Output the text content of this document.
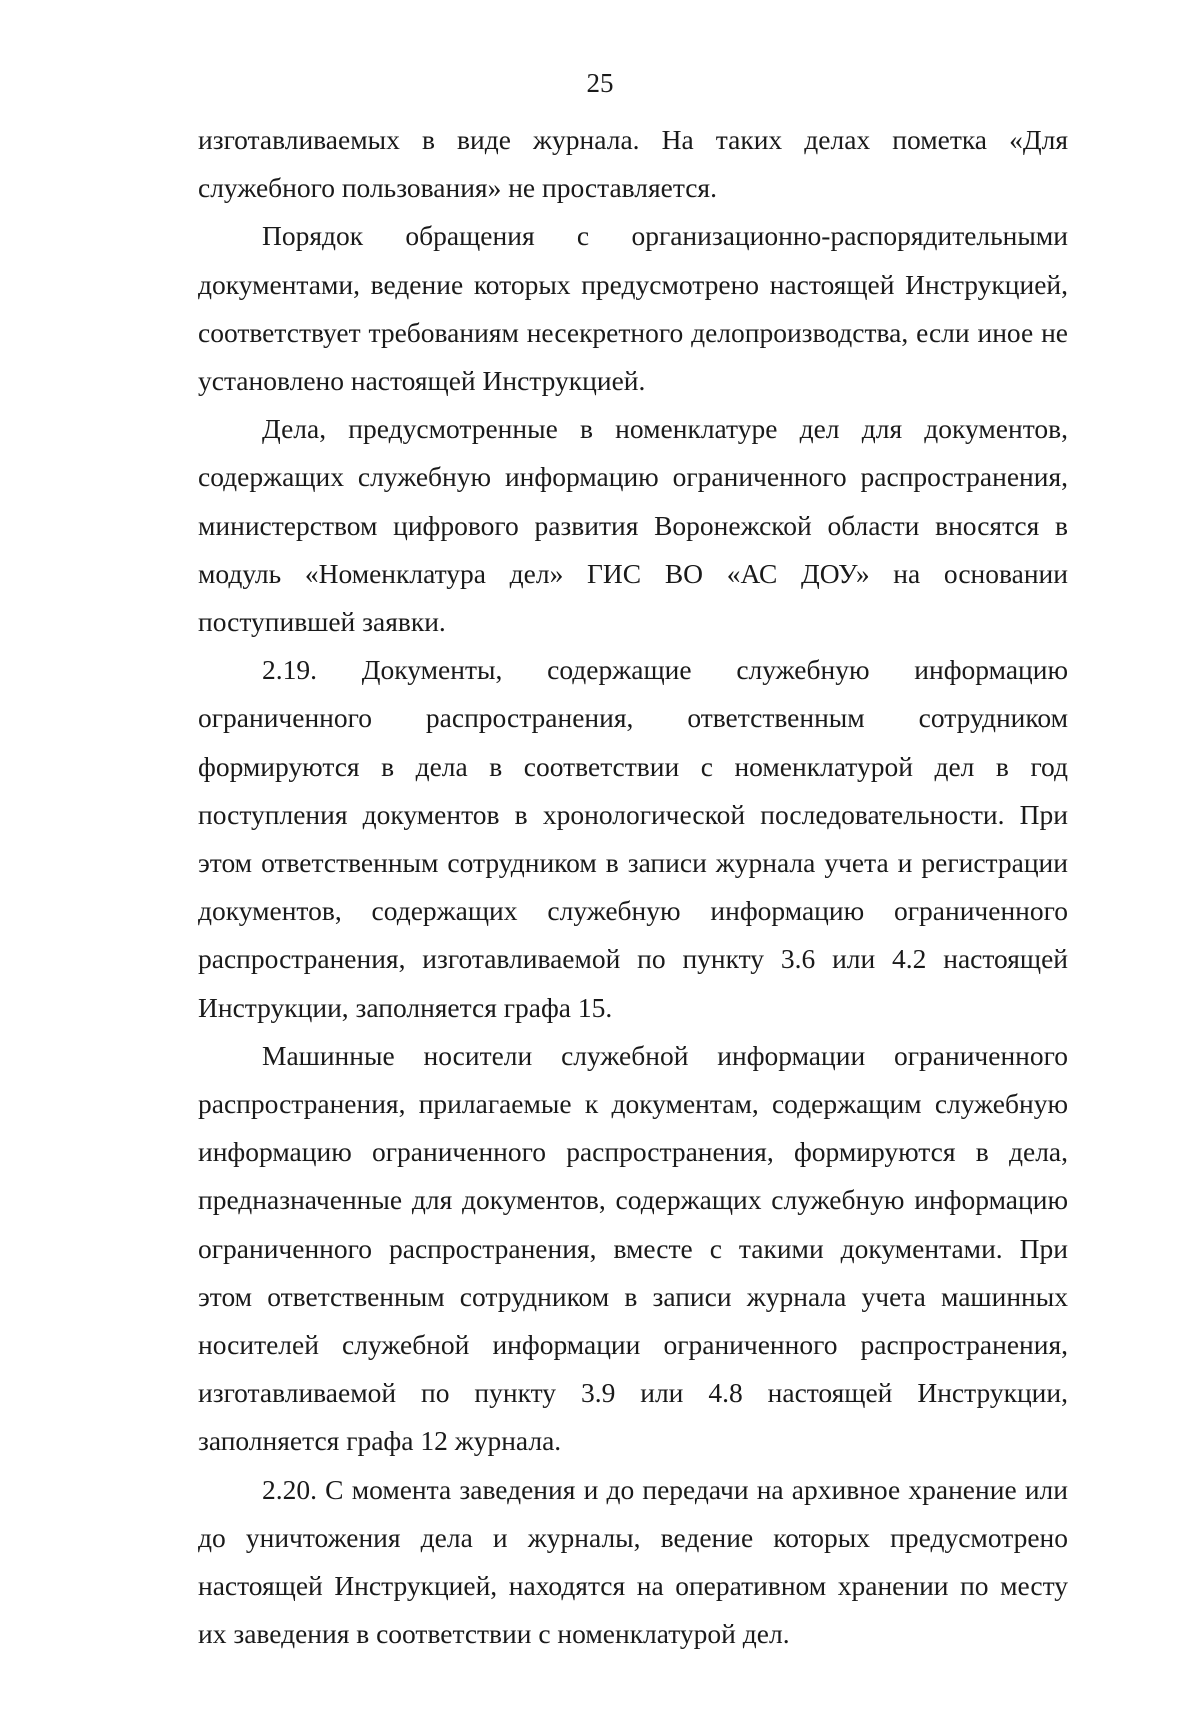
25

изготавливаемых в виде журнала. На таких делах пометка «Для служебного пользования» не проставляется.

Порядок обращения с организационно-распорядительными документами, ведение которых предусмотрено настоящей Инструкцией, соответствует требованиям несекретного делопроизводства, если иное не установлено настоящей Инструкцией.

Дела, предусмотренные в номенклатуре дел для документов, содержащих служебную информацию ограниченного распространения, министерством цифрового развития Воронежской области вносятся в модуль «Номенклатура дел» ГИС ВО «АС ДОУ» на основании поступившей заявки.

2.19. Документы, содержащие служебную информацию ограниченного распространения, ответственным сотрудником формируются в дела в соответствии с номенклатурой дел в год поступления документов в хронологической последовательности. При этом ответственным сотрудником в записи журнала учета и регистрации документов, содержащих служебную информацию ограниченного распространения, изготавливаемой по пункту 3.6 или 4.2 настоящей Инструкции, заполняется графа 15.

Машинные носители служебной информации ограниченного распространения, прилагаемые к документам, содержащим служебную информацию ограниченного распространения, формируются в дела, предназначенные для документов, содержащих служебную информацию ограниченного распространения, вместе с такими документами. При этом ответственным сотрудником в записи журнала учета машинных носителей служебной информации ограниченного распространения, изготавливаемой по пункту 3.9 или 4.8 настоящей Инструкции, заполняется графа 12 журнала.

2.20. С момента заведения и до передачи на архивное хранение или до уничтожения дела и журналы, ведение которых предусмотрено настоящей Инструкцией, находятся на оперативном хранении по месту их заведения в соответствии с номенклатурой дел.
